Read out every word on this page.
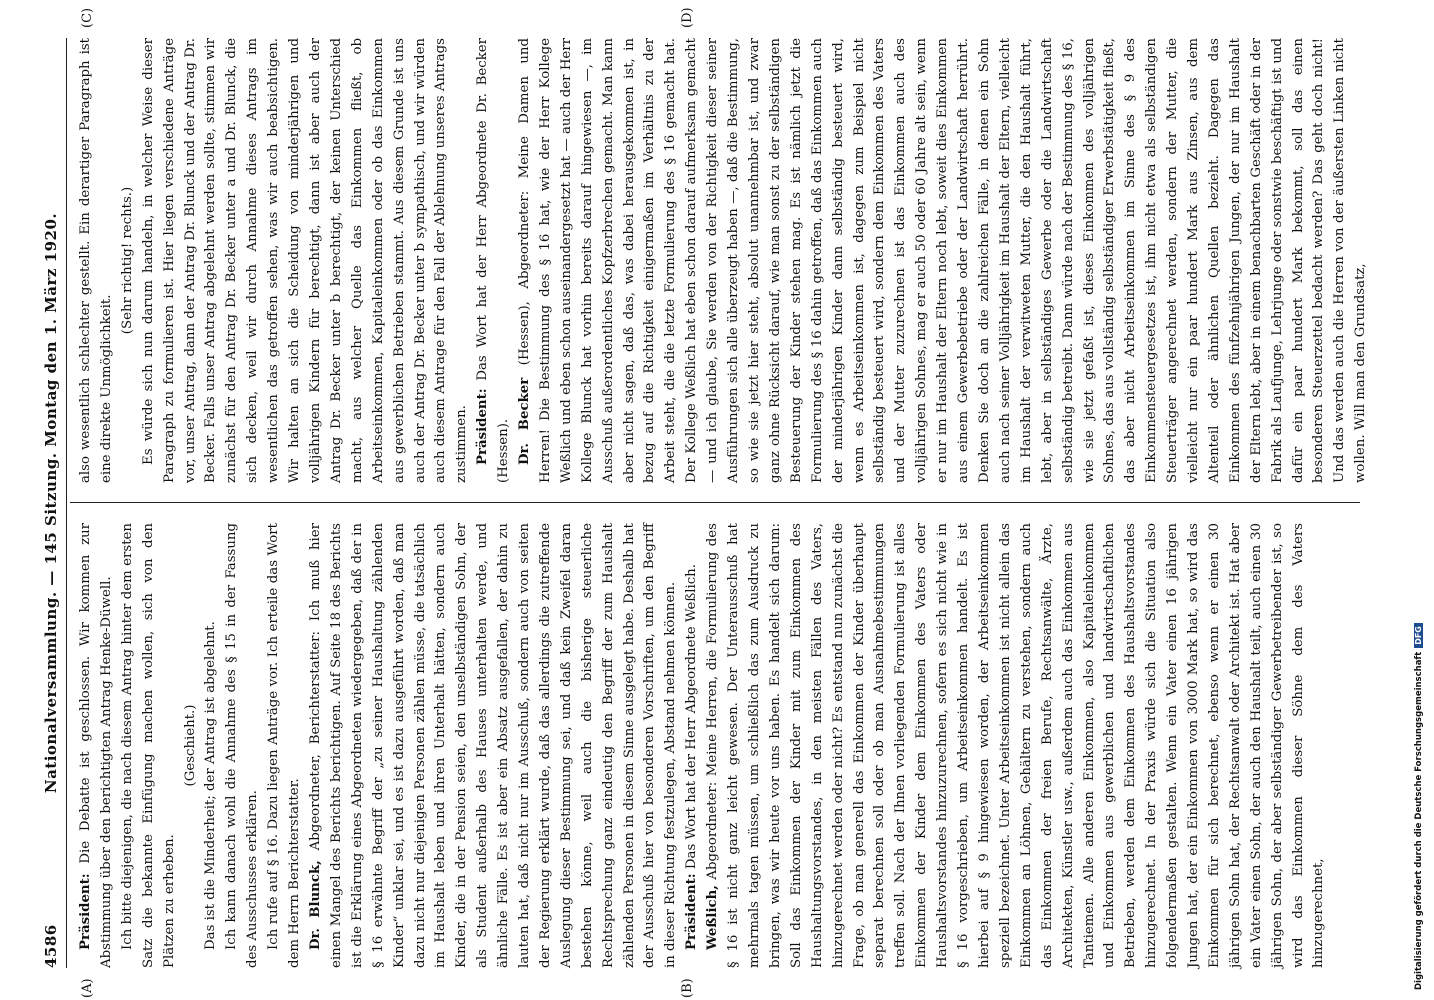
Nationalversammlung. — 145 Sitzung. Montag den 1. März 1920.
4586
(A)	(B)
(C)	(D)

Präsident: Die Debatte ist geschlossen. Wir kommen zur Abstimmung über den berichtigten Antrag Henke-Düwell. Ich bitte diejenigen, die nach diesem Antrag hinter dem ersten Satz die bekannte Einfügung machen wollen, sich von den Plätzen zu erheben.

(Geschieht.) Das ist die Minderheit; der Antrag ist abgelehnt. Ich kann danach wohl die Annahme des § 15 in der Fassung des Ausschusses erklären. Ich rufe auf § 16. Dazu liegen Anträge vor. Ich erteile das Wort dem Herrn Berichterstatter. Dr. Blunck, Abgeordneter, Berichterstatter: Ich muß hier einen Mangel des Berichts berichtigen. Auf Seite 18 des Berichts ist die Erklärung eines Abgeordneten wiedergegeben, daß der in § 16 erwähnte Begriff der „zu seiner Haushaltung zählenden Kinder“ unklar sei, und es ist dazu ausgeführt worden, daß man dazu nicht nur diejenigen Personen zählen müsse, die tatsächlich im Haushalt leben und ihren Unterhalt hätten, sondern auch Kinder, die in der Pension seien, den unselbständigen Sohn, der als Student außerhalb des Hauses unterhalten werde, und ähnliche Fälle. Es ist aber ein Absatz ausgefallen, der dahin zu lauten hat, daß nicht nur im Ausschuß, sondern auch von seiten der Regierung erklärt wurde, daß das allerdings die zutreffende Auslegung dieser Bestimmung sei, und daß kein Zweifel daran bestehen könne, weil auch die bisherige steuerliche Rechtsprechung ganz eindeutig den Begriff der zum Haushalt zählenden Personen in diesem Sinne ausgelegt habe. Deshalb hat der Ausschuß hier von besonderen Vorschriften, um den Begriff in dieser Richtung festzulegen, Abstand nehmen können. Präsident: Das Wort hat der Herr Abgeordnete Weßlich.

Weßlich, Abgeordneter: Meine Herren, die Formulierung des § 16 ist nicht ganz leicht gewesen. Der Unterausschuß hat mehrmals tagen müssen, um schließlich das zum Ausdruck zu bringen, was wir heute vor uns haben. Es handelt sich darum: Soll das Einkommen der Kinder mit zum Einkommen des Haushaltungsvorstandes, in den meisten Fällen des Vaters, hinzugerechnet werden oder nicht? Es entstand nun zunächst die Frage, ob man generell das Einkommen der Kinder überhaupt separat berechnen soll oder ob man Ausnahmebestimmungen treffen soll. Nach der Ihnen vorliegenden Formulierung ist alles Einkommen der Kinder dem Einkommen des Vaters oder Haushaltsvorstandes hinzuzurechnen, sofern es sich nicht wie in § 16 vorgeschrieben, um Arbeitseinkommen handelt. Es ist hierbei auf § 9 hingewiesen worden, der Arbeitseinkommen speziell bezeichnet. Unter Arbeitseinkommen ist nicht allein das Einkommen an Löhnen, Gehältern zu verstehen, sondern auch das Einkommen der freien Berufe, Rechtsanwälte, Ärzte, Architekten, Künstler usw., außerdem auch das Einkommen aus Tantiemen. Alle anderen Einkommen, also Kapitaleinkommen und Einkommen aus gewerblichen und landwirtschaftlichen Betrieben, werden dem Einkommen des Haushaltsvorstandes hinzugerechnet. In der Praxis würde sich die Situation also folgendermaßen gestalten. Wenn ein Vater einen 16 jährigen Jungen hat, der ein Einkommen von 3000 Mark hat, so wird das Einkommen für sich berechnet, ebenso wenn er einen 30 jährigen Sohn hat, der Rechtsanwalt oder Architekt ist. Hat aber ein Vater einen Sohn, der auch den Haushalt teilt, auch einen 30 jährigen Sohn, der aber selbständiger Gewerbetreibender ist, so wird das Einkommen dieser Söhne dem des Vaters hinzugerechnet,

also wesentlich schlechter gestellt. Ein derartiger Paragraph ist eine direkte Unmöglichkeit.

(Sehr richtig! rechts.) Es würde sich nun darum handeln, in welcher Weise dieser Paragraph zu formulieren ist. Hier liegen verschiedene Anträge vor, unser Antrag, dann der Antrag Dr. Blunck und der Antrag Dr. Becker. Falls unser Antrag abgelehnt werden sollte, stimmen wir zunächst für den Antrag Dr. Becker unter a und Dr. Blunck, die sich decken, weil wir durch Annahme dieses Antrags im wesentlichen das getroffen sehen, was wir auch beabsichtigen. Wir halten an sich die Scheidung von minderjährigen und volljährigen Kindern für berechtigt, dann ist aber auch der Antrag Dr. Becker unter b berechtigt, der keinen Unterschied macht, aus welcher Quelle das Einkommen fließt, ob Arbeitseinkommen, Kapitaleinkommen oder ob das Einkommen aus gewerblichen Betrieben stammt. Aus diesem Grunde ist uns auch der Antrag Dr. Becker unter b sympathisch, und wir würden auch diesem Antrage für den Fall der Ablehnung unseres Antrags zustimmen. Präsident: Das Wort hat der Herr Abgeordnete Dr. Becker (Hessen). Dr. Becker (Hessen), Abgeordneter: Meine Damen und Herren! Die Bestimmung des § 16 hat, wie der Herr Kollege Weßlich und eben schon auseinandergesetzt hat — auch der Herr Kollege Blunck hat vorhin bereits darauf hingewiesen —, im Ausschuß außerordentliches Kopfzerbrechen gemacht. Man kann aber nicht sagen, daß das, was dabei herausgekommen ist, in bezug auf die Richtigkeit einigermaßen im Verhältnis zu der Arbeit steht, die die letzte Formulierung des § 16 gemacht hat. Der Kollege Weßlich hat eben schon darauf aufmerksam gemacht — und ich glaube, Sie werden von der Richtigkeit dieser seiner Ausführungen sich alle überzeugt haben —, daß die Bestimmung, so wie sie jetzt hier steht, absolut unannehmbar ist, und zwar ganz ohne Rücksicht darauf, wie man sonst zu der selbständigen Besteuerung der Kinder stehen mag. Es ist nämlich jetzt die Formulierung des § 16 dahin getroffen, daß das Einkommen auch der minderjährigen Kinder dann selbständig besteuert wird, wenn es Arbeitseinkommen ist, dagegen zum Beispiel nicht selbständig besteuert wird, sondern dem Einkommen des Vaters und der Mutter zuzurechnen ist das Einkommen auch des volljährigen Sohnes, mag er auch 50 oder 60 Jahre alt sein, wenn er nur im Haushalt der Eltern noch lebt, soweit dies Einkommen aus einem Gewerbebetriebe oder der Landwirtschaft herrührt. Denken Sie doch an die zahlreichen Fälle, in denen ein Sohn auch nach seiner Volljährigkeit im Haushalt der Eltern, vielleicht im Haushalt der verwitweten Mutter, die den Haushalt führt, lebt, aber in selbständiges Gewerbe oder die Landwirtschaft selbständig betreibt. Dann würde nach der Bestimmung des § 16, wie sie jetzt gefaßt ist, dieses Einkommen des volljährigen Sohnes, das aus vollständig selbständiger Erwerbstätigkeit fließt, das aber nicht Arbeitseinkommen im Sinne des § 9 des Einkommensteuergesetzes ist, ihm nicht etwa als selbständigen Steuerträger angerechnet werden, sondern der Mutter, die vielleicht nur ein paar hundert Mark aus Zinsen, aus dem Altenteil oder ähnlichen Quellen bezieht. Dagegen das Einkommen des fünfzehnjährigen Jungen, der nur im Haushalt der Eltern lebt, aber in einem benachbarten Geschäft oder in der Fabrik als Laufjunge, Lehrjunge oder sonstwie beschäftigt ist und dafür ein paar hundert Mark bekommt, soll das einen besonderen Steuerzettel bedacht werden? Das geht doch nicht! Und das werden auch die Herren von der äußersten Linken nicht wollen. Will man den Grundsatz,

Digitalisierung gefördert durch die Deutsche ForschungsgemeinschaftDFG
